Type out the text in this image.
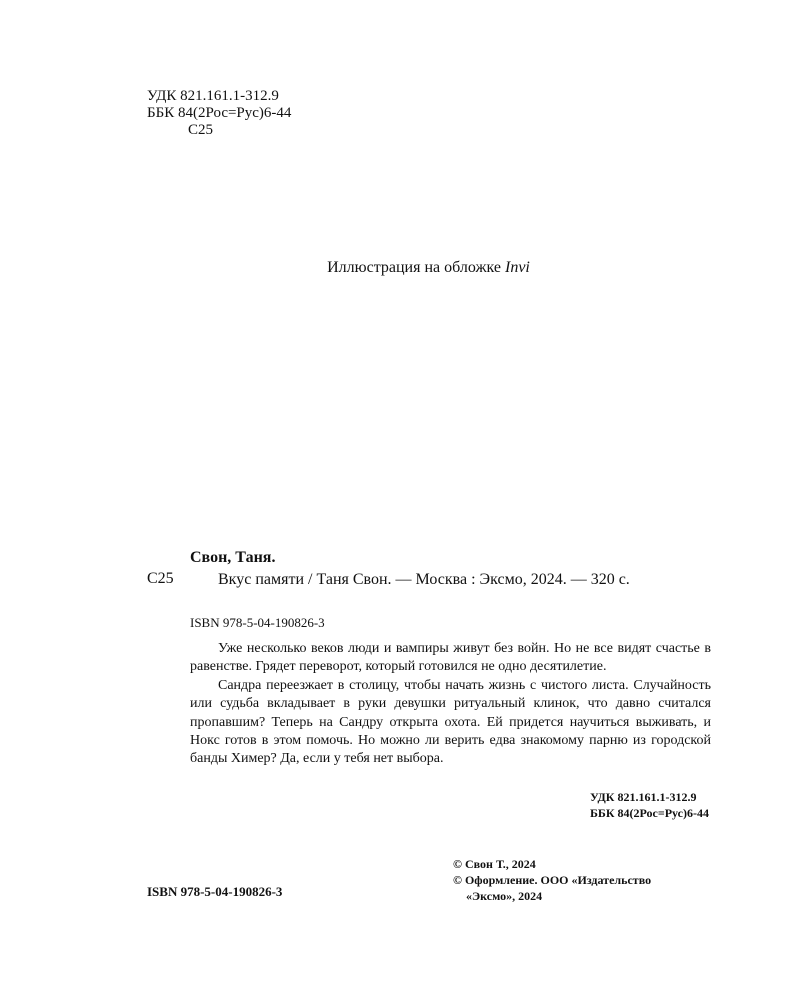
УДК 821.161.1-312.9
ББК 84(2Рос=Рус)6-44
С25
Иллюстрация на обложке Invi
Свон, Таня.
С25	Вкус памяти / Таня Свон. — Москва : Эксмо, 2024. — 320 с.
ISBN 978-5-04-190826-3

Уже несколько веков люди и вампиры живут без войн. Но не все видят счастье в равенстве. Грядет переворот, который готовился не одно десятилетие.

Сандра переезжает в столицу, чтобы начать жизнь с чистого листа. Случайность или судьба вкладывает в руки девушки ритуальный клинок, что давно считался пропавшим? Теперь на Сандру открыта охота. Ей придется научиться выживать, и Нокс готов в этом помочь. Но можно ли верить едва знакомому парню из городской банды Химер? Да, если у тебя нет выбора.

УДК 821.161.1-312.9
ББК 84(2Рос=Рус)6-44
© Свон Т., 2024
© Оформление. ООО «Издательство
«Эксмо», 2024
ISBN 978-5-04-190826-3
